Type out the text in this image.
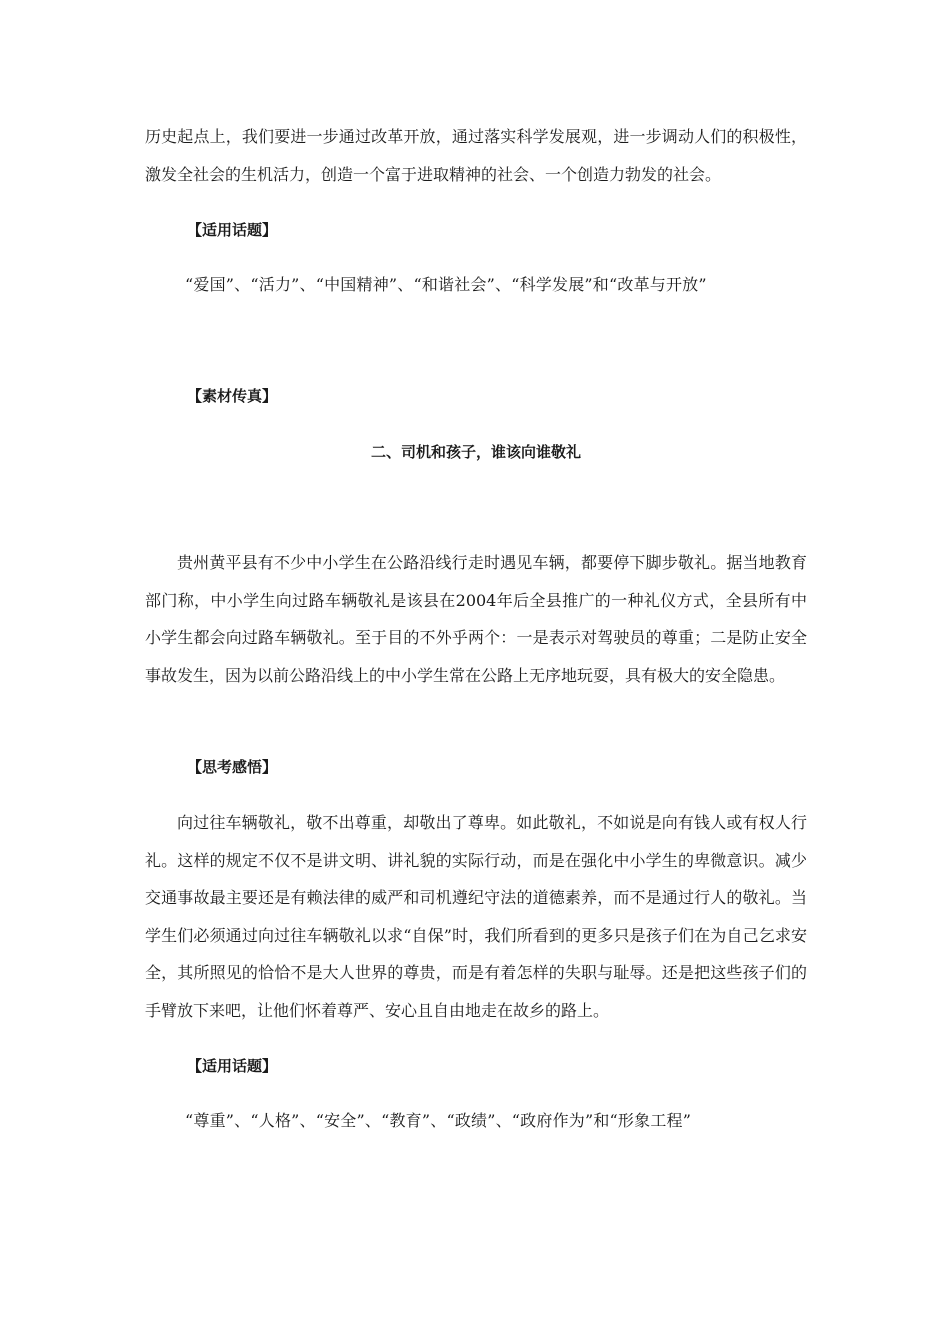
历史起点上，我们要进一步通过改革开放，通过落实科学发展观，进一步调动人们的积极性，激发全社会的生机活力，创造一个富于进取精神的社会、一个创造力勃发的社会。

【适用话题】

“爱国”、“活力”、“中国精神”、“和谐社会”、“科学发展”和“改革与开放”

【素材传真】

二、司机和孩子，谁该向谁敬礼

贵州黄平县有不少中小学生在公路沿线行走时遇见车辆，都要停下脚步敬礼。据当地教育部门称，中小学生向过路车辆敬礼是该县在2004年后全县推广的一种礼仪方式，全县所有中小学生都会向过路车辆敬礼。至于目的不外乎两个：一是表示对驾驶员的尊重；二是防止安全事故发生，因为以前公路沿线上的中小学生常在公路上无序地玩耍，具有极大的安全隐患。

【思考感悟】

向过往车辆敬礼，敬不出尊重，却敬出了尊卑。如此敬礼，不如说是向有钱人或有权人行礼。这样的规定不仅不是讲文明、讲礼貌的实际行动，而是在强化中小学生的卑微意识。减少交通事故最主要还是有赖法律的威严和司机遵纪守法的道德素养，而不是通过行人的敬礼。当学生们必须通过向过往车辆敬礼以求“自保”时，我们所看到的更多只是孩子们在为自己乞求安全，其所照见的恰恰不是大人世界的尊贵，而是有着怎样的失职与耻辱。还是把这些孩子们的手臂放下来吧，让他们怀着尊严、安心且自由地走在故乡的路上。

【适用话题】

“尊重”、“人格”、“安全”、“教育”、“政绩”、“政府作为”和“形象工程”
